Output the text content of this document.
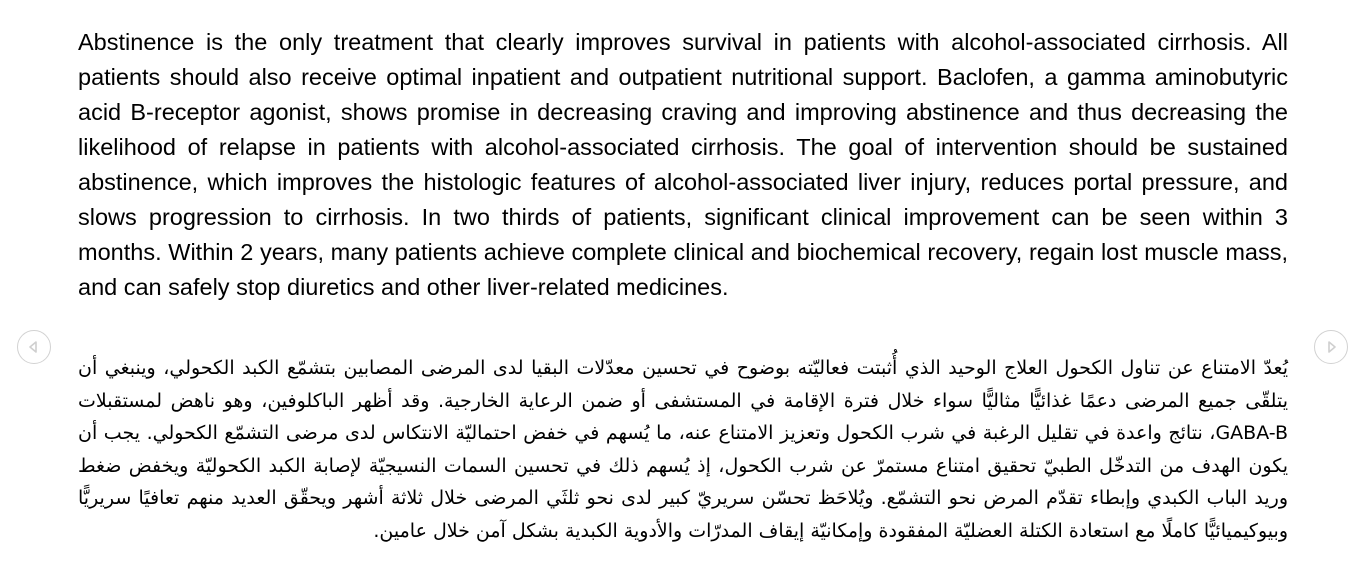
Abstinence is the only treatment that clearly improves survival in patients with alcohol-associated cirrhosis. All patients should also receive optimal inpatient and outpatient nutritional support. Baclofen, a gamma aminobutyric acid B-receptor agonist, shows promise in decreasing craving and improving abstinence and thus decreasing the likelihood of relapse in patients with alcohol-associated cirrhosis. The goal of intervention should be sustained abstinence, which improves the histologic features of alcohol-associated liver injury, reduces portal pressure, and slows progression to cirrhosis. In two thirds of patients, significant clinical improvement can be seen within 3 months. Within 2 years, many patients achieve complete clinical and biochemical recovery, regain lost muscle mass, and can safely stop diuretics and other liver-related medicines.

يُعدّ الامتناع عن تناول الكحول العلاج الوحيد الذي أُثبتت فعاليّته بوضوح في تحسين معدّلات البقيا لدى المرضى المصابين بتشمّع الكبد الكحولي، وينبغي أن يتلقّى جميع المرضى دعمًا غذائيًّا مثاليًّا سواء خلال فترة الإقامة في المستشفى أو ضمن الرعاية الخارجية. وقد أظهر الباكلوفين، وهو ناهض لمستقبلات GABA-B، نتائج واعدة في تقليل الرغبة في شرب الكحول وتعزيز الامتناع عنه، ما يُسهم في خفض احتماليّة الانتكاس لدى مرضى التشمّع الكحولي. يجب أن يكون الهدف من التدخّل الطبيّ تحقيق امتناع مستمرّ عن شرب الكحول، إذ يُسهم ذلك في تحسين السمات النسيجيّة لإصابة الكبد الكحوليّة ويخفض ضغط وريد الباب الكبدي وإبطاء تقدّم المرض نحو التشمّع. ويُلاحَظ تحسّن سريريّ كبير لدى نحو ثلثَي المرضى خلال ثلاثة أشهر ويحقّق العديد منهم تعافيًا سريريًّا وبيوكيميائيًّا كاملًا مع استعادة الكتلة العضليّة المفقودة وإمكانيّة إيقاف المدرّات والأدوية الكبدية بشكل آمن خلال عامين.
